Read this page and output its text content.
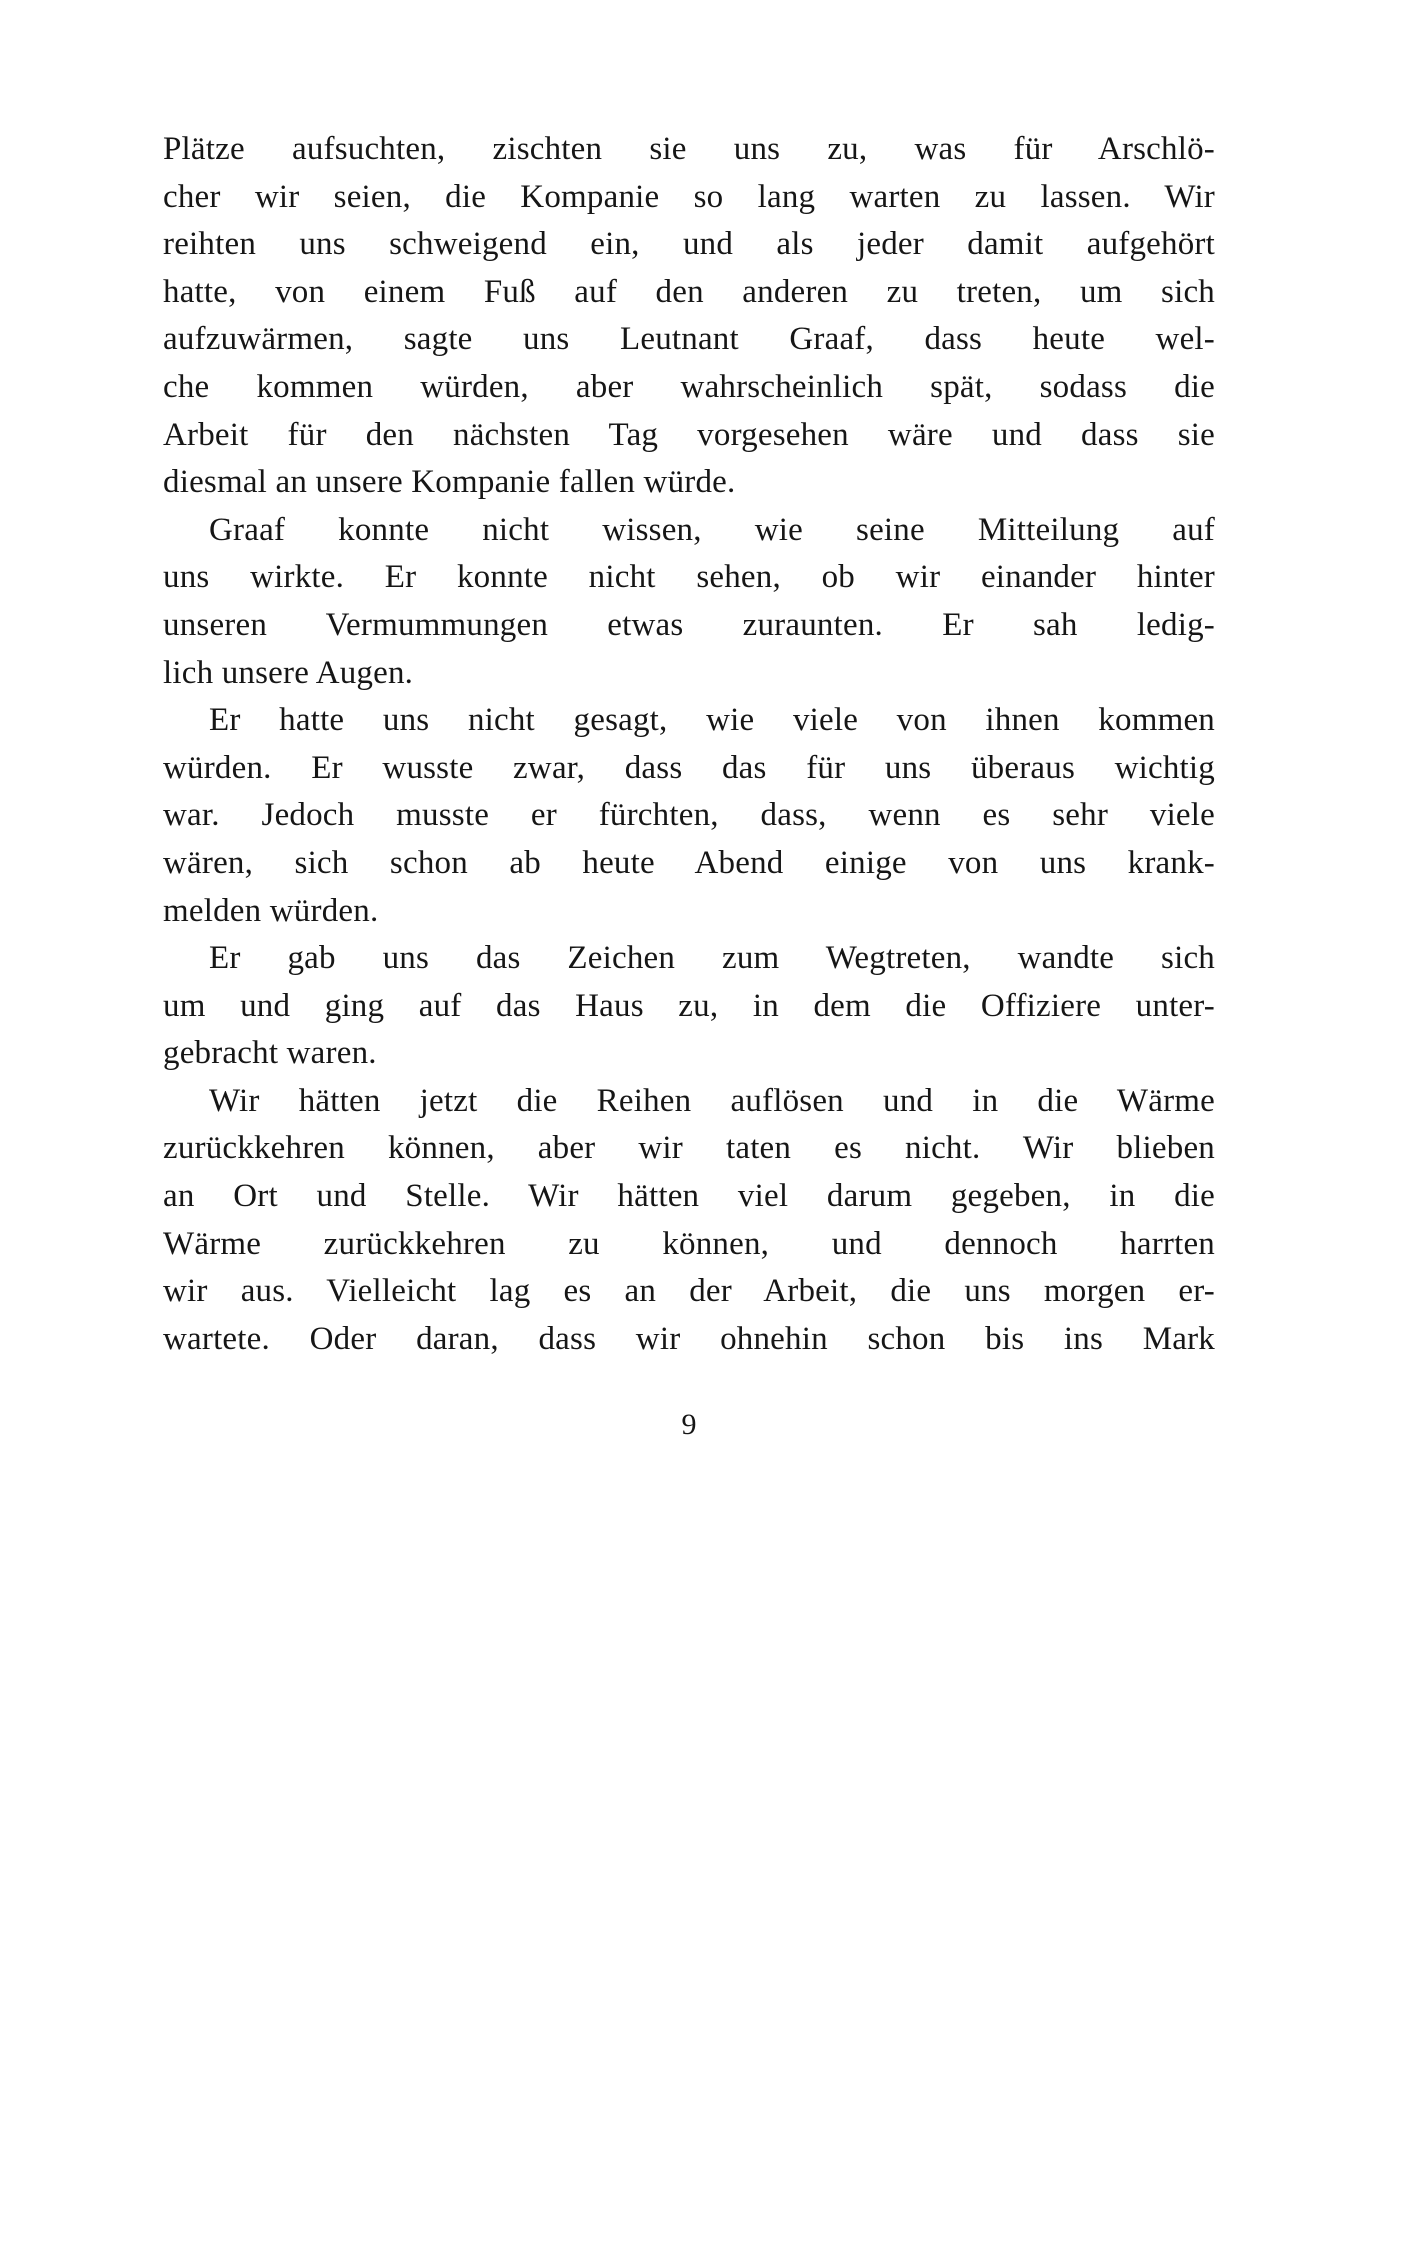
Plätze aufsuchten, zischten sie uns zu, was für Arschlö-
cher wir seien, die Kompanie so lang warten zu lassen. Wir
reihten uns schweigend ein, und als jeder damit aufgehört
hatte, von einem Fuß auf den anderen zu treten, um sich
aufzuwärmen, sagte uns Leutnant Graaf, dass heute wel-
che kommen würden, aber wahrscheinlich spät, sodass die
Arbeit für den nächsten Tag vorgesehen wäre und dass sie
diesmal an unsere Kompanie fallen würde.
Graaf konnte nicht wissen, wie seine Mitteilung auf
uns wirkte. Er konnte nicht sehen, ob wir einander hinter
unseren Vermummungen etwas zuraunten. Er sah ledig-
lich unsere Augen.
Er hatte uns nicht gesagt, wie viele von ihnen kommen
würden. Er wusste zwar, dass das für uns überaus wichtig
war. Jedoch musste er fürchten, dass, wenn es sehr viele
wären, sich schon ab heute Abend einige von uns krank-
melden würden.
Er gab uns das Zeichen zum Wegtreten, wandte sich
um und ging auf das Haus zu, in dem die Offiziere unter-
gebracht waren.
Wir hätten jetzt die Reihen auflösen und in die Wärme
zurückkehren können, aber wir taten es nicht. Wir blieben
an Ort und Stelle. Wir hätten viel darum gegeben, in die
Wärme zurückkehren zu können, und dennoch harrten
wir aus. Vielleicht lag es an der Arbeit, die uns morgen er-
wartete. Oder daran, dass wir ohnehin schon bis ins Mark
9
